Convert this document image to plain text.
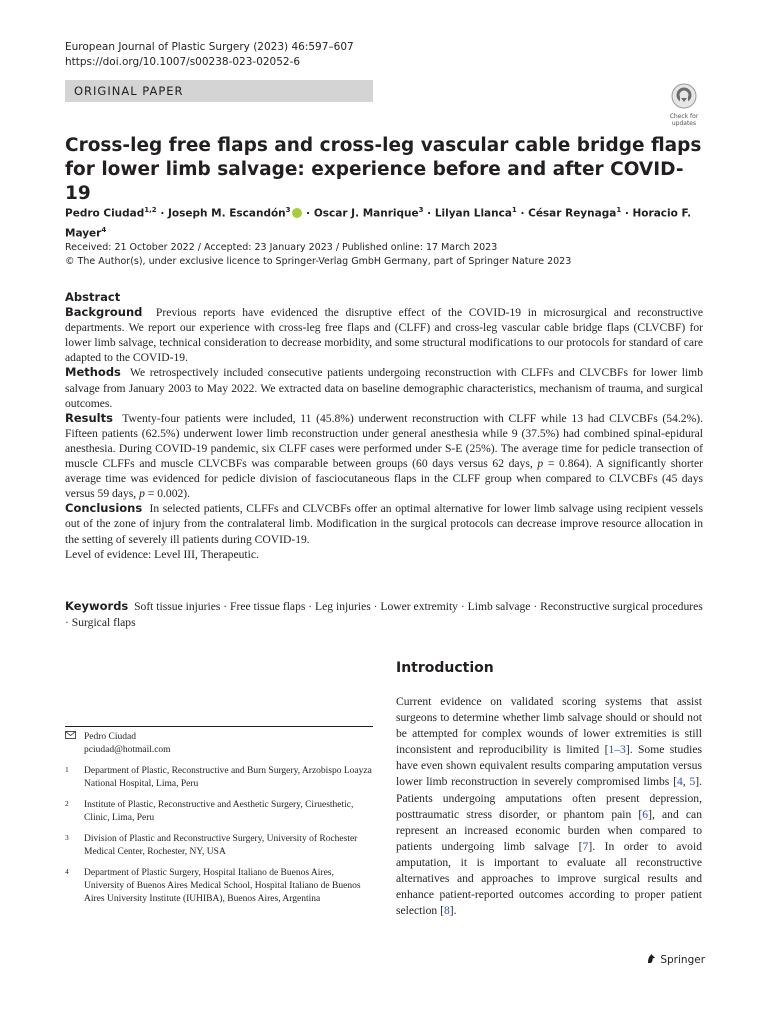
European Journal of Plastic Surgery (2023) 46:597–607
https://doi.org/10.1007/s00238-023-02052-6
ORIGINAL PAPER
Check for
updates
Cross-leg free flaps and cross-leg vascular cable bridge flaps for lower limb salvage: experience before and after COVID-19
Pedro Ciudad$^{1,2}$ · Joseph M. Escandón$^3$ · Oscar J. Manrique$^3$ · Lilyan Llanca$^1$ · César Reynaga$^1$ · Horacio F. Mayer$^4$
Received: 21 October 2022 / Accepted: 23 January 2023 / Published online: 17 March 2023
© The Author(s), under exclusive licence to Springer-Verlag GmbH Germany, part of Springer Nature 2023
Abstract

Background Previous reports have evidenced the disruptive effect of the COVID-19 in microsurgical and reconstructive departments. We report our experience with cross-leg free flaps and (CLFF) and cross-leg vascular cable bridge flaps (CLVCBF) for lower limb salvage, technical consideration to decrease morbidity, and some structural modifications to our protocols for standard of care adapted to the COVID-19.

Methods We retrospectively included consecutive patients undergoing reconstruction with CLFFs and CLVCBFs for lower limb salvage from January 2003 to May 2022. We extracted data on baseline demographic characteristics, mechanism of trauma, and surgical outcomes.

Results Twenty-four patients were included, 11 (45.8%) underwent reconstruction with CLFF while 13 had CLVCBFs (54.2%). Fifteen patients (62.5%) underwent lower limb reconstruction under general anesthesia while 9 (37.5%) had combined spinal-epidural anesthesia. During COVID-19 pandemic, six CLFF cases were performed under S-E (25%). The average time for pedicle transection of muscle CLFFs and muscle CLVCBFs was comparable between groups (60 days versus 62 days, p = 0.864). A significantly shorter average time was evidenced for pedicle division of fasciocutaneous flaps in the CLFF group when compared to CLVCBFs (45 days versus 59 days, p = 0.002).

Conclusions In selected patients, CLFFs and CLVCBFs offer an optimal alternative for lower limb salvage using recipient vessels out of the zone of injury from the contralateral limb. Modification in the surgical protocols can decrease improve resource allocation in the setting of severely ill patients during COVID-19.

Level of evidence: Level III, Therapeutic.

Keywords Soft tissue injuries · Free tissue flaps · Leg injuries · Lower extremity · Limb salvage · Reconstructive surgical procedures · Surgical flaps
Pedro Ciudad
pciudad@hotmail.com
1	Department of Plastic, Reconstructive and Burn Surgery, Arzobispo Loayza National Hospital, Lima, Peru
2	Institute of Plastic, Reconstructive and Aesthetic Surgery, Ciruesthetic, Clinic, Lima, Peru
3	Division of Plastic and Reconstructive Surgery, University of Rochester Medical Center, Rochester, NY, USA
4	Department of Plastic Surgery, Hospital Italiano de Buenos Aires, University of Buenos Aires Medical School, Hospital Italiano de Buenos Aires University Institute (IUHIBA), Buenos Aires, Argentina
Introduction
Current evidence on validated scoring systems that assist surgeons to determine whether limb salvage should or should not be attempted for complex wounds of lower extremities is still inconsistent and reproducibility is limited [1–3]. Some studies have even shown equivalent results comparing amputation versus lower limb reconstruction in severely compromised limbs [4, 5]. Patients undergoing amputations often present depression, posttraumatic stress disorder, or phantom pain [6], and can represent an increased economic burden when compared to patients undergoing limb salvage [7]. In order to avoid amputation, it is important to evaluate all reconstructive alternatives and approaches to improve surgical results and enhance patient-reported outcomes according to proper patient selection [8].
Springer
